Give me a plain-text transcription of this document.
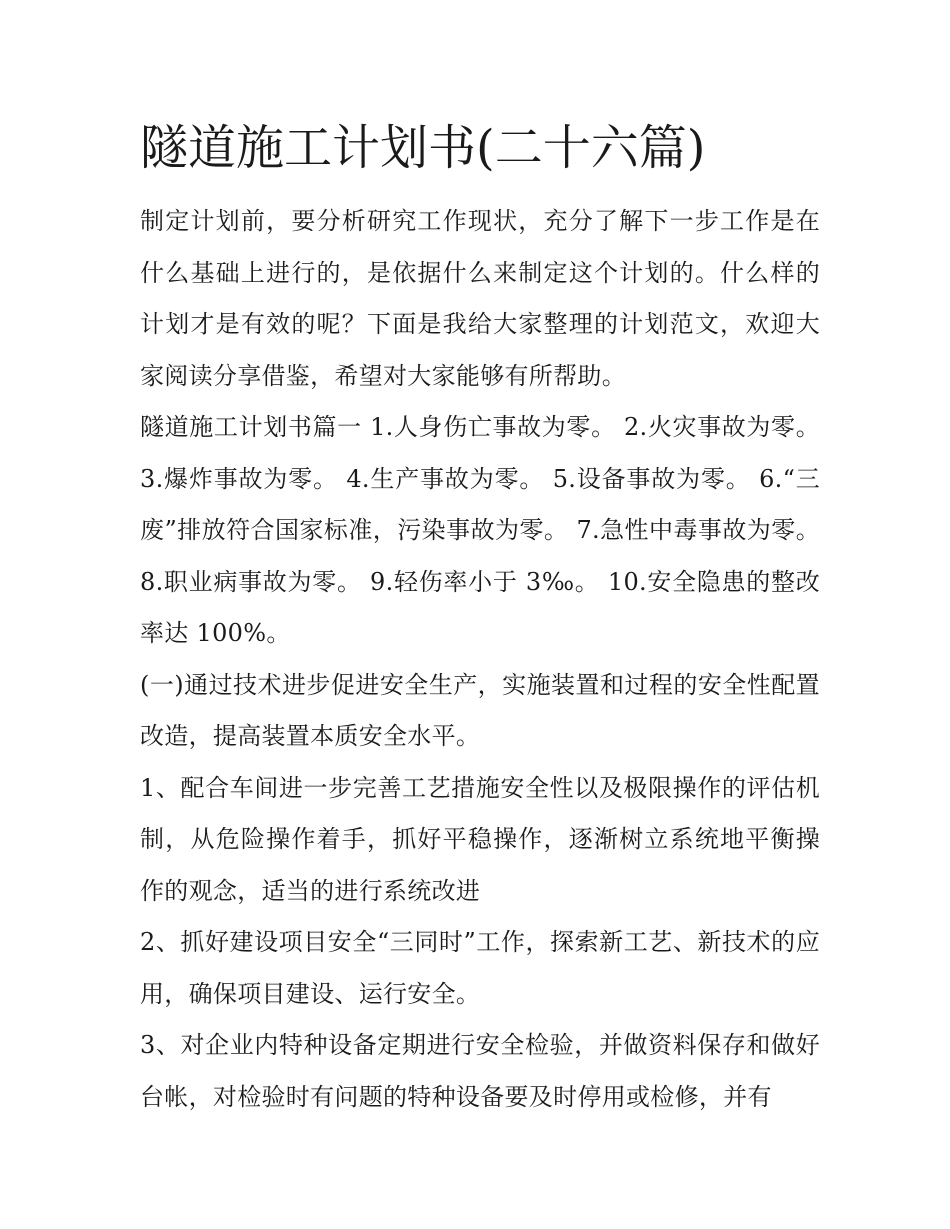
隧道施工计划书(二十六篇)

制定计划前，要分析研究工作现状，充分了解下一步工作是在什么基础上进行的，是依据什么来制定这个计划的。什么样的计划才是有效的呢？下面是我给大家整理的计划范文，欢迎大家阅读分享借鉴，希望对大家能够有所帮助。

隧道施工计划书篇一 1.人身伤亡事故为零。 2.火灾事故为零。 3.爆炸事故为零。 4.生产事故为零。 5.设备事故为零。 6.“三废”排放符合国家标准，污染事故为零。 7.急性中毒事故为零。 8.职业病事故为零。 9.轻伤率小于 3‰。 10.安全隐患的整改率达 100%。

(一)通过技术进步促进安全生产，实施装置和过程的安全性配置改造，提高装置本质安全水平。

1、配合车间进一步完善工艺措施安全性以及极限操作的评估机制，从危险操作着手，抓好平稳操作，逐渐树立系统地平衡操作的观念，适当的进行系统改进

2、抓好建设项目安全“三同时”工作，探索新工艺、新技术的应用，确保项目建设、运行安全。

3、对企业内特种设备定期进行安全检验，并做资料保存和做好台帐，对检验时有问题的特种设备要及时停用或检修，并有
